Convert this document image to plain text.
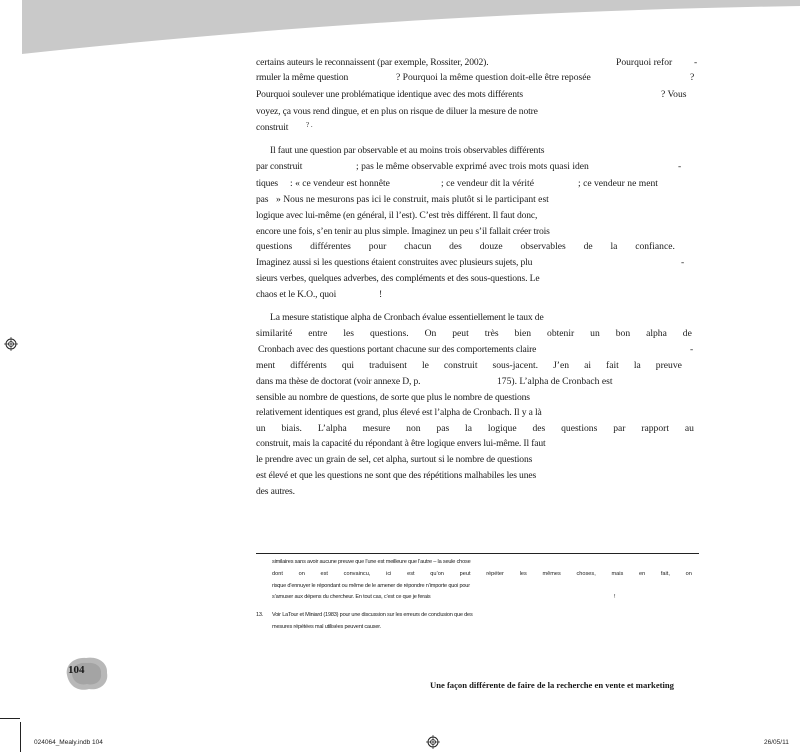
certains auteurs le reconnaissent (par exemple, Rossiter, 2002).	Pourquoi refor -

rmuler la même question	? Pourquoi la même question doit-elle être reposée	?

Pourquoi soulever une problématique identique avec des mots différents	? Vous

voyez, ça vous rend dingue, et en plus on risque de diluer la mesure de notre

construit	? .

Il faut une question par observable et au moins trois observables différents

par construit	; pas le même observable exprimé avec trois mots quasi iden	-

tiques : « ce vendeur est honnête	; ce vendeur dit la vérité	; ce vendeur ne ment

pas » Nous ne mesurons pas ici le construit, mais plutôt si le participant est

logique avec lui-même (en général, il l’est). C’est très différent. Il faut donc,

encore une fois, s’en tenir au plus simple. Imaginez un peu s’il fallait créer trois

questions différentes pour chacun des douze observables de la confiance.

Imaginez aussi si les questions étaient construites avec plusieurs sujets, plu	-

sieurs verbes, quelques adverbes, des compléments et des sous-questions. Le

chaos et le K.O., quoi	!

La mesure statistique alpha de Cronbach évalue essentiellement le taux de

similarité entre les questions. On peut très bien obtenir un bon alpha de

Cronbach avec des questions portant chacune sur des comportements claire	-

ment différents qui traduisent le construit sous-jacent. J’en ai fait la preuve

dans ma thèse de doctorat (voir annexe D, p.	175). L’alpha de Cronbach est

sensible au nombre de questions, de sorte que plus le nombre de questions

relativement identiques est grand, plus élevé est l’alpha de Cronbach. Il y a là

un biais. L’alpha mesure non pas la logique des questions par rapport au

construit, mais la capacité du répondant à être logique envers lui-même. Il faut

le prendre avec un grain de sel, cet alpha, surtout si le nombre de questions

est élevé et que les questions ne sont que des répétitions malhabiles les unes

des autres.

similaires sans avoir aucune preuve que l’une est meilleure que l’autre – la seule chose

dont	on	est	convaincu,	ici	est	qu’on	peut	répéter	les	mêmes	choses,	mais	en	fait,	on

risque d’ennuyer le répondant ou même de le amener de répondre n’importe quoi pour

s’amuser aux dépens du chercheur. En tout cas, c’est ce que je ferais	!

13. Voir LaTour et Miniard (1983) pour une discussion sur les erreurs de conclusion que des

mesures répétées mal utilisées peuvent causer.

104

Une façon différente de faire de la recherche en vente et marketing

024064_Mealy.indb 104	26/05/11
